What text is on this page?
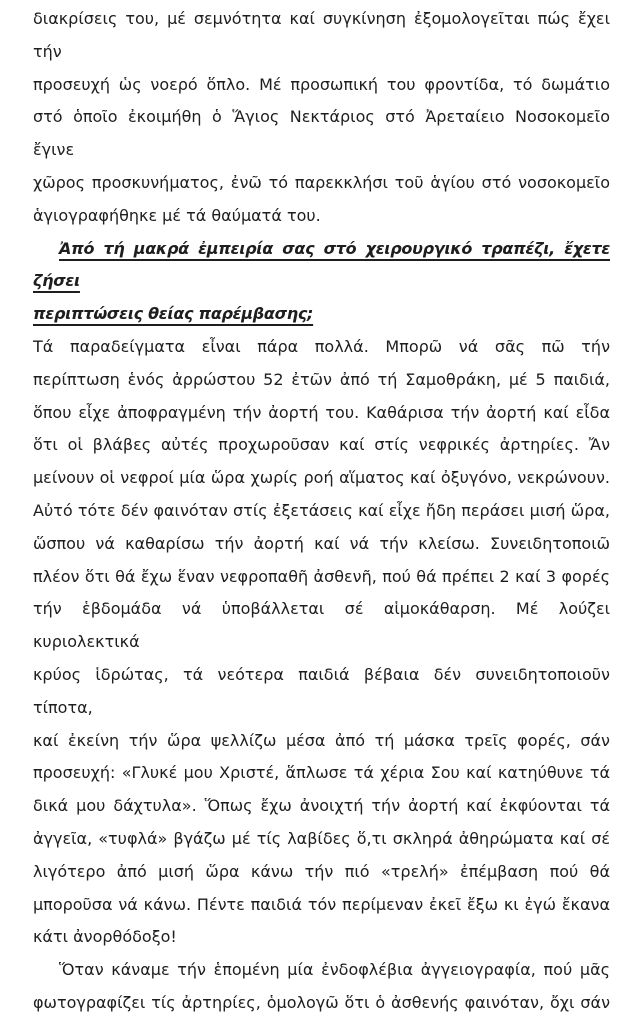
διακρίσεις του, μέ σεμνότητα καί συγκίνηση ἐξομολογεῖται πώς ἔχει τήν
προσευχή ὡς νοερό ὅπλο. Μέ προσωπική του φροντίδα, τό δωμάτιο
στό ὁποῖο ἐκοιμήθη ὁ Ἅγιος Νεκτάριος στό Ἀρεταίειο Νοσοκομεῖο ἔγινε
χῶρος προσκυνήματος, ἐνῶ τό παρεκκλήσι τοῦ ἁγίου στό νοσοκομεῖο
ἁγιογραφήθηκε μέ τά θαύματά του.
Ἀπό τή μακρά ἐμπειρία σας στό χειρουργικό τραπέζι, ἔχετε ζήσει
περιπτώσεις θείας παρέμβασης;
Τά παραδείγματα εἶναι πάρα πολλά. Μπορῶ νά σᾶς πῶ τήν
περίπτωση ἑνός ἀρρώστου 52 ἐτῶν ἀπό τή Σαμοθράκη, μέ 5 παιδιά,
ὅπου εἶχε ἀποφραγμένη τήν ἀορτή του. Καθάρισα τήν ἀορτή καί εἶδα
ὅτι οἱ βλάβες αὐτές προχωροῦσαν καί στίς νεφρικές ἀρτηρίες. Ἄν
μείνουν οἱ νεφροί μία ὥρα χωρίς ροή αἵματος καί ὀξυγόνο, νεκρώνουν.
Αὐτό τότε δέν φαινόταν στίς ἐξετάσεις καί εἶχε ἤδη περάσει μισή ὥρα,
ὥσπου νά καθαρίσω τήν ἀορτή καί νά τήν κλείσω. Συνειδητοποιῶ
πλέον ὅτι θά ἔχω ἕναν νεφροπαθῆ ἀσθενῆ, πού θά πρέπει 2 καί 3 φορές
τήν ἑβδομάδα νά ὑποβάλλεται σέ αἱμοκάθαρση. Μέ λούζει κυριολεκτικά
κρύος ἱδρώτας, τά νεότερα παιδιά βέβαια δέν συνειδητοποιοῦν τίποτα,
καί ἐκείνη τήν ὥρα ψελλίζω μέσα ἀπό τή μάσκα τρεῖς φορές, σάν
προσευχή: «Γλυκέ μου Χριστέ, ἅπλωσε τά χέρια Σου καί κατηύθυνε τά
δικά μου δάχτυλα». Ὅπως ἔχω ἀνοιχτή τήν ἀορτή καί ἐκφύονται τά
ἀγγεῖα, «τυφλά» βγάζω μέ τίς λαβίδες ὅ,τι σκληρά ἀθηρώματα καί σέ
λιγότερο ἀπό μισή ὥρα κάνω τήν πιό «τρελή» ἐπέμβαση πού θά
μποροῦσα νά κάνω. Πέντε παιδιά τόν περίμεναν ἐκεῖ ἔξω κι ἐγώ ἔκανα
κάτι ἀνορθόδοξο!
Ὅταν κάναμε τήν ἑπομένη μία ἐνδοφλέβια ἀγγειογραφία, πού μᾶς
φωτογραφίζει τίς ἀρτηρίες, ὁμολογῶ ὅτι ὁ ἀσθενής φαινόταν, ὄχι σάν
